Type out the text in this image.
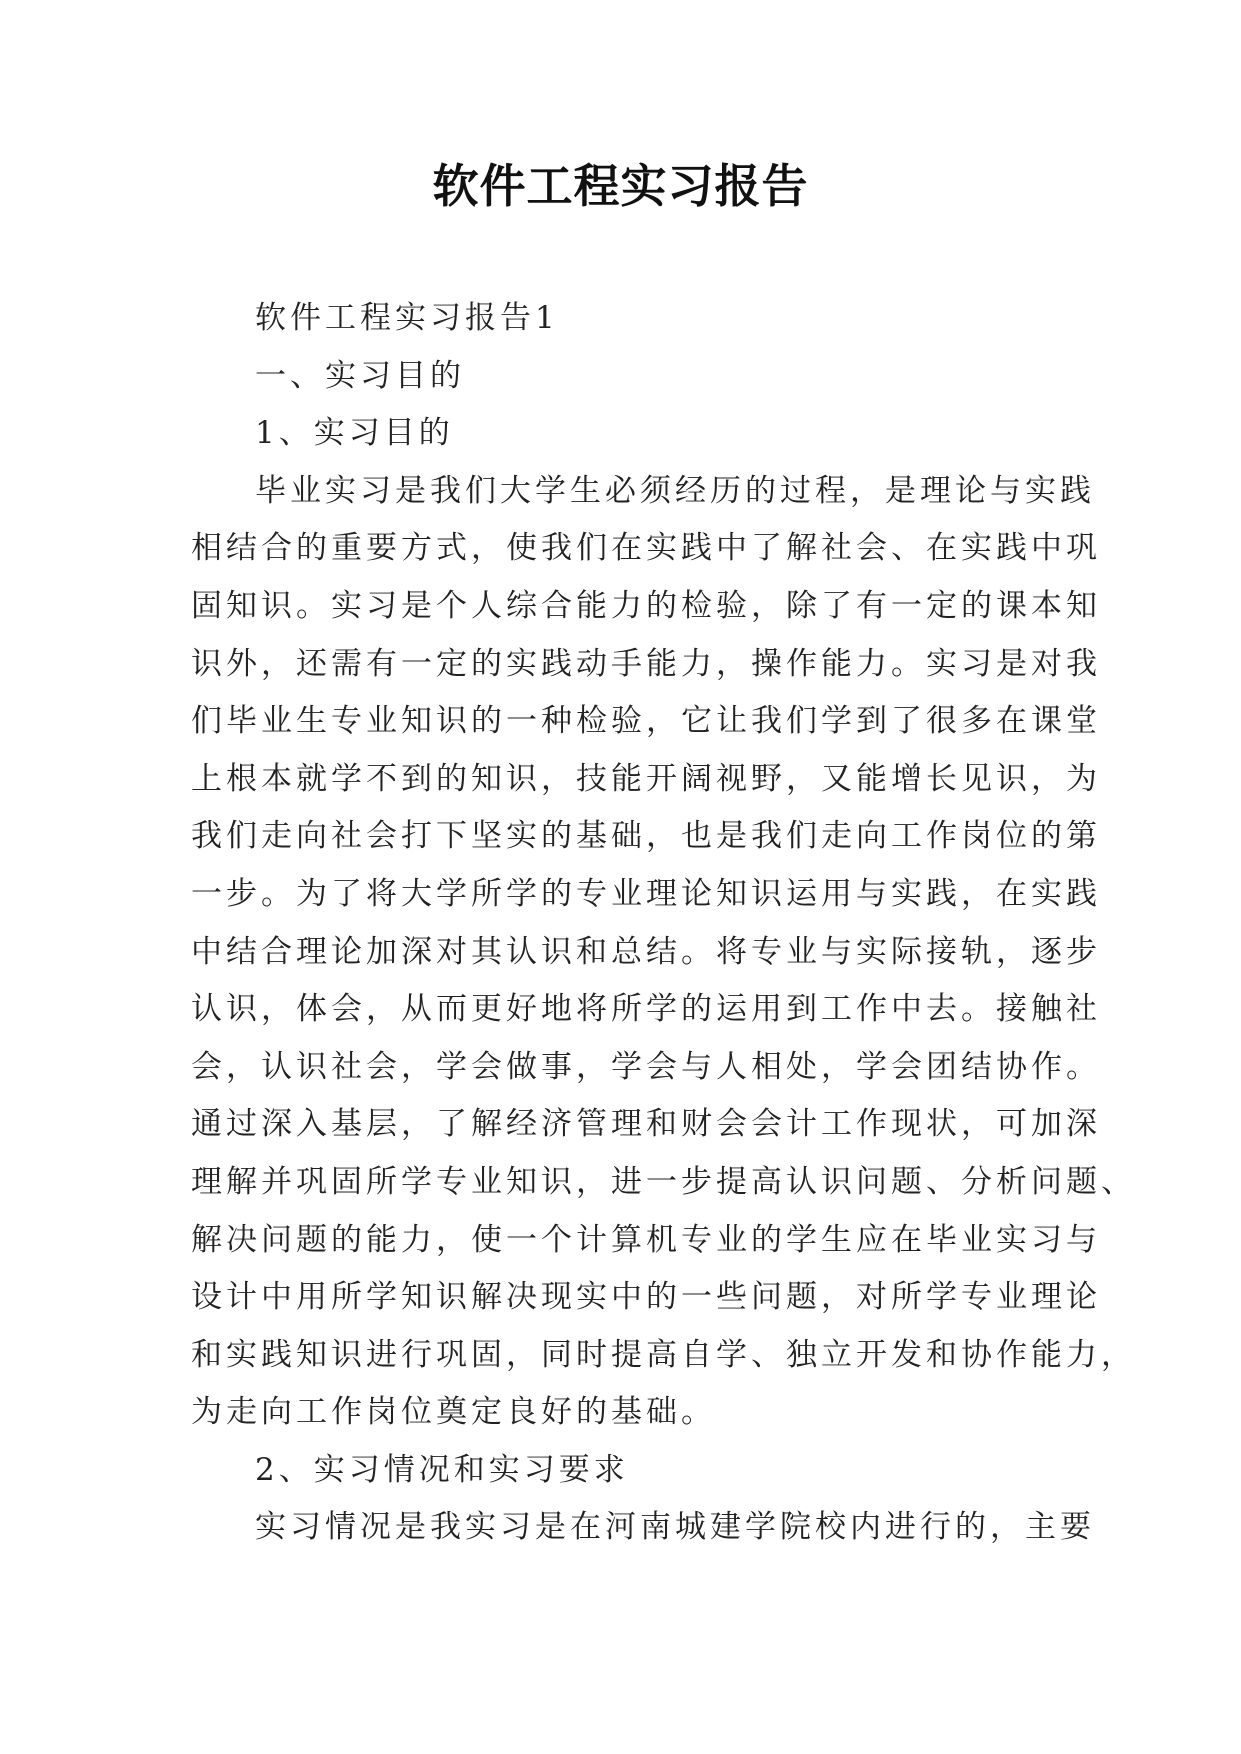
软件工程实习报告
软件工程实习报告1
一、实习目的
1、实习目的
毕业实习是我们大学生必须经历的过程，是理论与实践
相结合的重要方式，使我们在实践中了解社会、在实践中巩
固知识。实习是个人综合能力的检验，除了有一定的课本知
识外，还需有一定的实践动手能力，操作能力。实习是对我
们毕业生专业知识的一种检验，它让我们学到了很多在课堂
上根本就学不到的知识，技能开阔视野，又能增长见识，为
我们走向社会打下坚实的基础，也是我们走向工作岗位的第
一步。为了将大学所学的专业理论知识运用与实践，在实践
中结合理论加深对其认识和总结。将专业与实际接轨，逐步
认识，体会，从而更好地将所学的运用到工作中去。接触社
会，认识社会，学会做事，学会与人相处，学会团结协作。
通过深入基层，了解经济管理和财会会计工作现状，可加深
理解并巩固所学专业知识，进一步提高认识问题、分析问题、
解决问题的能力，使一个计算机专业的学生应在毕业实习与
设计中用所学知识解决现实中的一些问题，对所学专业理论
和实践知识进行巩固，同时提高自学、独立开发和协作能力，
为走向工作岗位奠定良好的基础。
2、实习情况和实习要求
实习情况是我实习是在河南城建学院校内进行的，主要
